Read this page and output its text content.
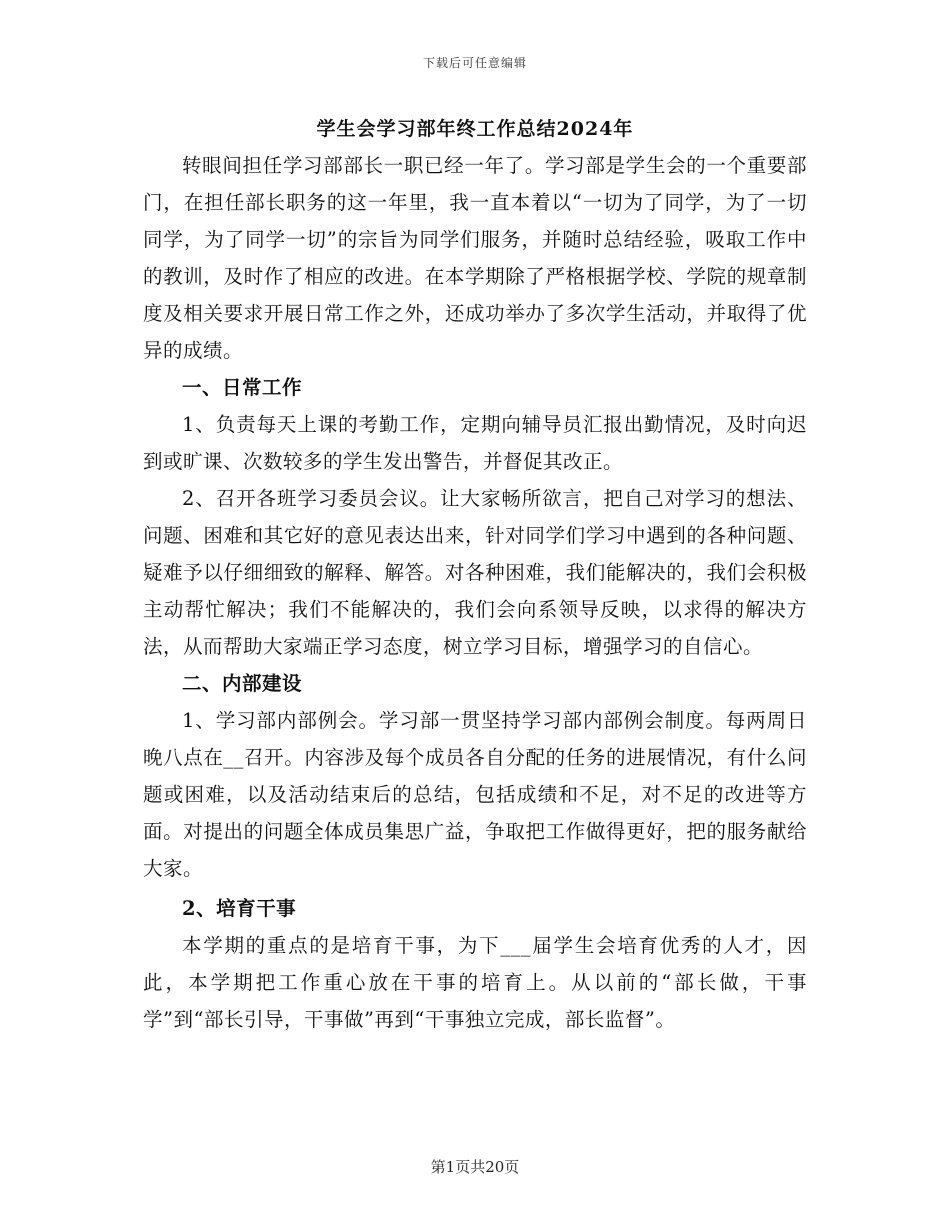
下载后可任意编辑
学生会学习部年终工作总结2024年

转眼间担任学习部部长一职已经一年了。学习部是学生会的一个重要部门，在担任部长职务的这一年里，我一直本着以“一切为了同学，为了一切同学，为了同学一切”的宗旨为同学们服务，并随时总结经验，吸取工作中的教训，及时作了相应的改进。在本学期除了严格根据学校、学院的规章制度及相关要求开展日常工作之外，还成功举办了多次学生活动，并取得了优异的成绩。

一、日常工作

1、负责每天上课的考勤工作，定期向辅导员汇报出勤情况，及时向迟到或旷课、次数较多的学生发出警告，并督促其改正。

2、召开各班学习委员会议。让大家畅所欲言，把自己对学习的想法、问题、困难和其它好的意见表达出来，针对同学们学习中遇到的各种问题、疑难予以仔细细致的解释、解答。对各种困难，我们能解决的，我们会积极主动帮忙解决；我们不能解决的，我们会向系领导反映，以求得的解决方法，从而帮助大家端正学习态度，树立学习目标，增强学习的自信心。

二、内部建设

1、学习部内部例会。学习部一贯坚持学习部内部例会制度。每两周日晚八点在__召开。内容涉及每个成员各自分配的任务的进展情况，有什么问题或困难，以及活动结束后的总结，包括成绩和不足，对不足的改进等方面。对提出的问题全体成员集思广益，争取把工作做得更好，把的服务献给大家。

2、培育干事

本学期的重点的是培育干事，为下___届学生会培育优秀的人才，因此，本学期把工作重心放在干事的培育上。从以前的“部长做，干事学”到“部长引导，干事做”再到“干事独立完成，部长监督”。

第1页共20页
